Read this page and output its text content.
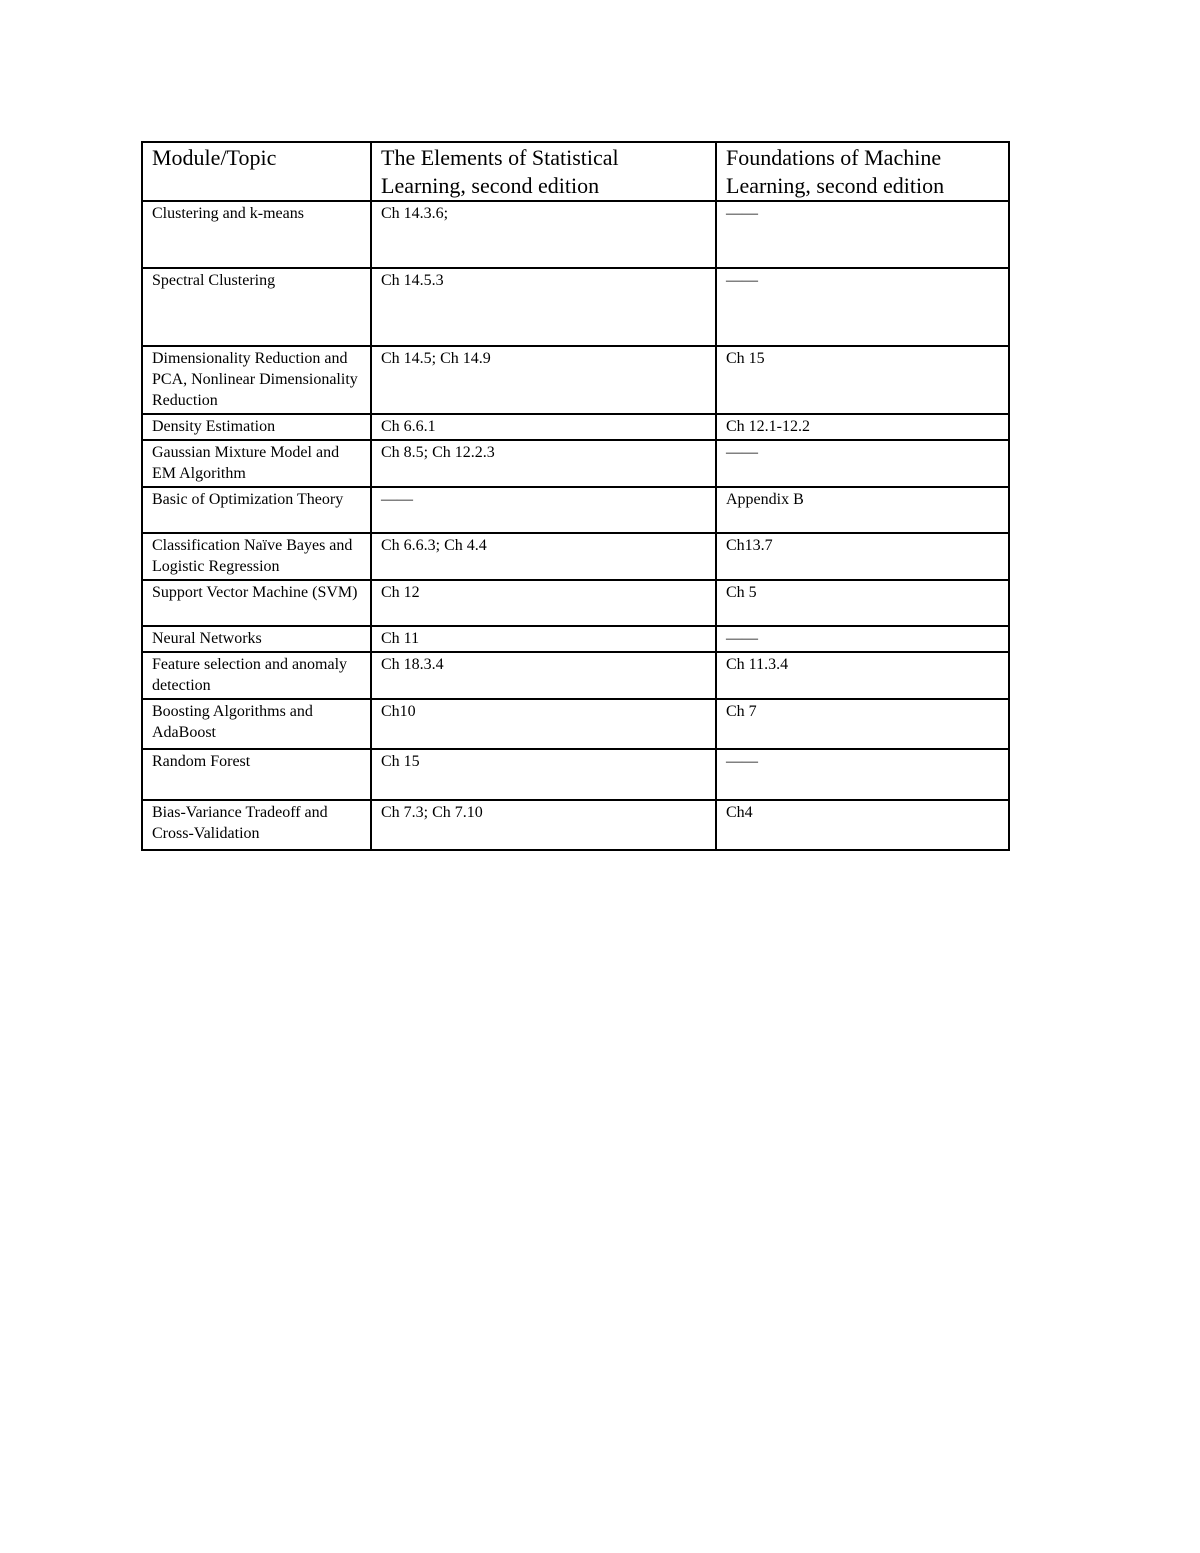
Module/Topic	The Elements of Statistical Learning, second edition	Foundations of Machine Learning, second edition
Clustering and k-means	Ch 14.3.6;	——
Spectral Clustering	Ch 14.5.3	——
Dimensionality Reduction and PCA, Nonlinear Dimensionality Reduction	Ch 14.5; Ch 14.9	Ch 15
Density Estimation	Ch 6.6.1	Ch 12.1-12.2
Gaussian Mixture Model and EM Algorithm	Ch 8.5; Ch 12.2.3	——
Basic of Optimization Theory	——	Appendix B
Classification Naïve Bayes and Logistic Regression	Ch 6.6.3; Ch 4.4	Ch13.7
Support Vector Machine (SVM)	Ch 12	Ch 5
Neural Networks	Ch 11	——
Feature selection and anomaly detection	Ch 18.3.4	Ch 11.3.4
Boosting Algorithms and AdaBoost	Ch10	Ch 7
Random Forest	Ch 15	——
Bias-Variance Tradeoff and Cross-Validation	Ch 7.3; Ch 7.10	Ch4
